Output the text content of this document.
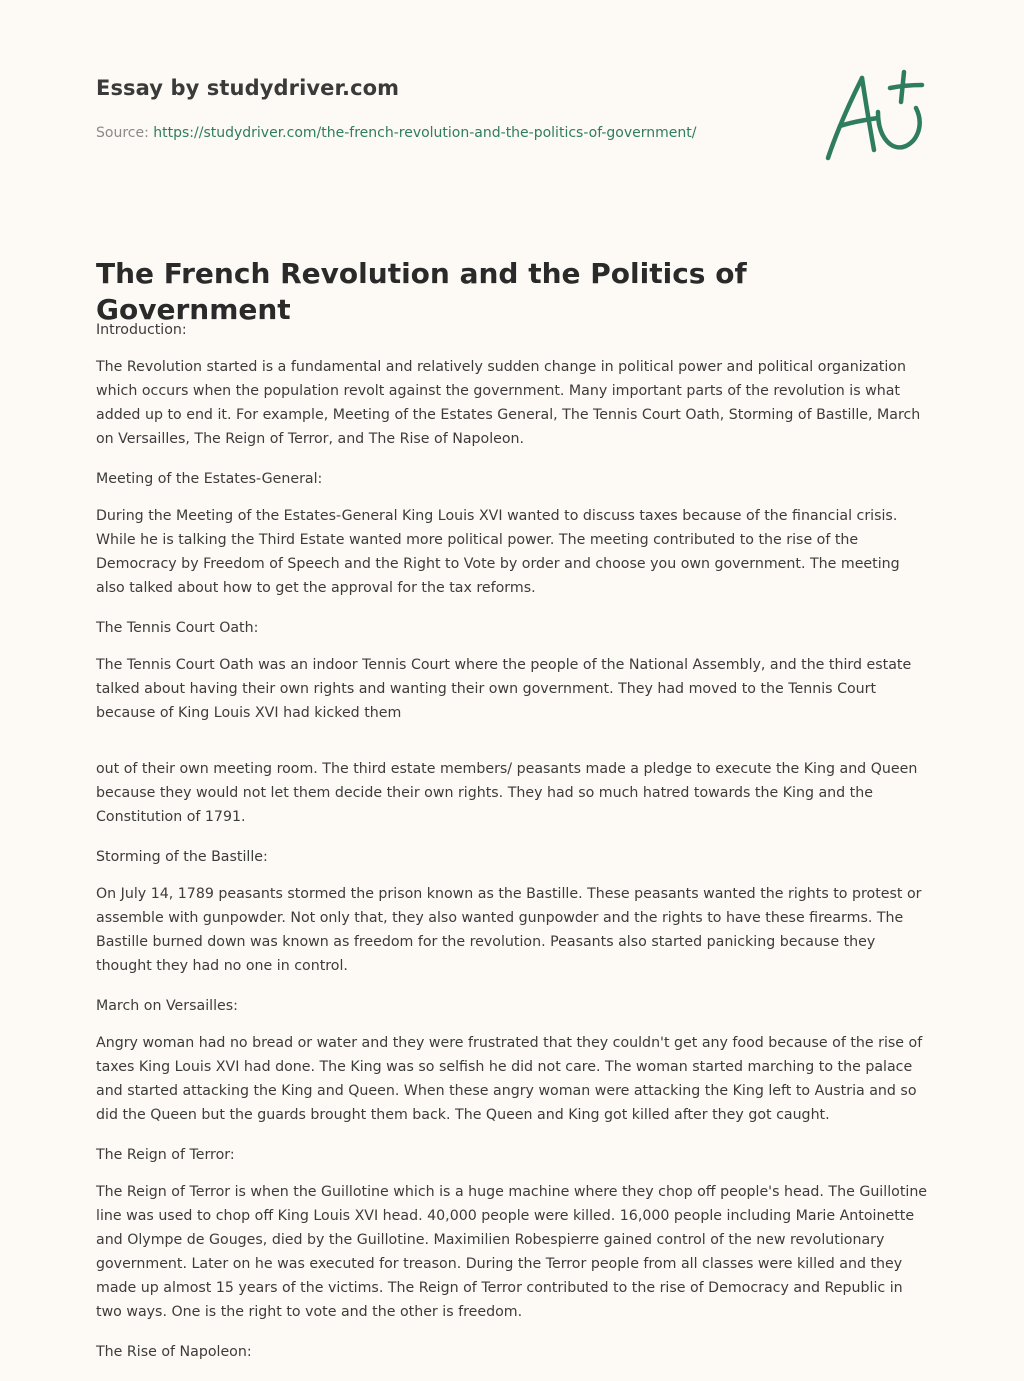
Essay by studydriver.com
Source: https://studydriver.com/the-french-revolution-and-the-politics-of-government/
The French Revolution and the Politics of Government

Introduction:

The Revolution started is a fundamental and relatively sudden change in political power and political organization which occurs when the population revolt against the government. Many important parts of the revolution is what added up to end it. For example, Meeting of the Estates General, The Tennis Court Oath, Storming of Bastille, March on Versailles, The Reign of Terror, and The Rise of Napoleon.

Meeting of the Estates-General:

During the Meeting of the Estates-General King Louis XVI wanted to discuss taxes because of the financial crisis. While he is talking the Third Estate wanted more political power. The meeting contributed to the rise of the Democracy by Freedom of Speech and the Right to Vote by order and choose you own government. The meeting also talked about how to get the approval for the tax reforms.

The Tennis Court Oath:

The Tennis Court Oath was an indoor Tennis Court where the people of the National Assembly, and the third estate talked about having their own rights and wanting their own government. They had moved to the Tennis Court because of King Louis XVI had kicked them

out of their own meeting room. The third estate members/ peasants made a pledge to execute the King and Queen because they would not let them decide their own rights. They had so much hatred towards the King and the Constitution of 1791.

Storming of the Bastille:

On July 14, 1789 peasants stormed the prison known as the Bastille. These peasants wanted the rights to protest or assemble with gunpowder. Not only that, they also wanted gunpowder and the rights to have these firearms. The Bastille burned down was known as freedom for the revolution. Peasants also started panicking because they thought they had no one in control.

March on Versailles:

Angry woman had no bread or water and they were frustrated that they couldn't get any food because of the rise of taxes King Louis XVI had done. The King was so selfish he did not care. The woman started marching to the palace and started attacking the King and Queen. When these angry woman were attacking the King left to Austria and so did the Queen but the guards brought them back. The Queen and King got killed after they got caught.

The Reign of Terror:

The Reign of Terror is when the Guillotine which is a huge machine where they chop off people's head. The Guillotine line was used to chop off King Louis XVI head. 40,000 people were killed. 16,000 people including Marie Antoinette and Olympe de Gouges, died by the Guillotine. Maximilien Robespierre gained control of the new revolutionary government. Later on he was executed for treason. During the Terror people from all classes were killed and they made up almost 15 years of the victims. The Reign of Terror contributed to the rise of Democracy and Republic in two ways. One is the right to vote and the other is freedom.

The Rise of Napoleon:
